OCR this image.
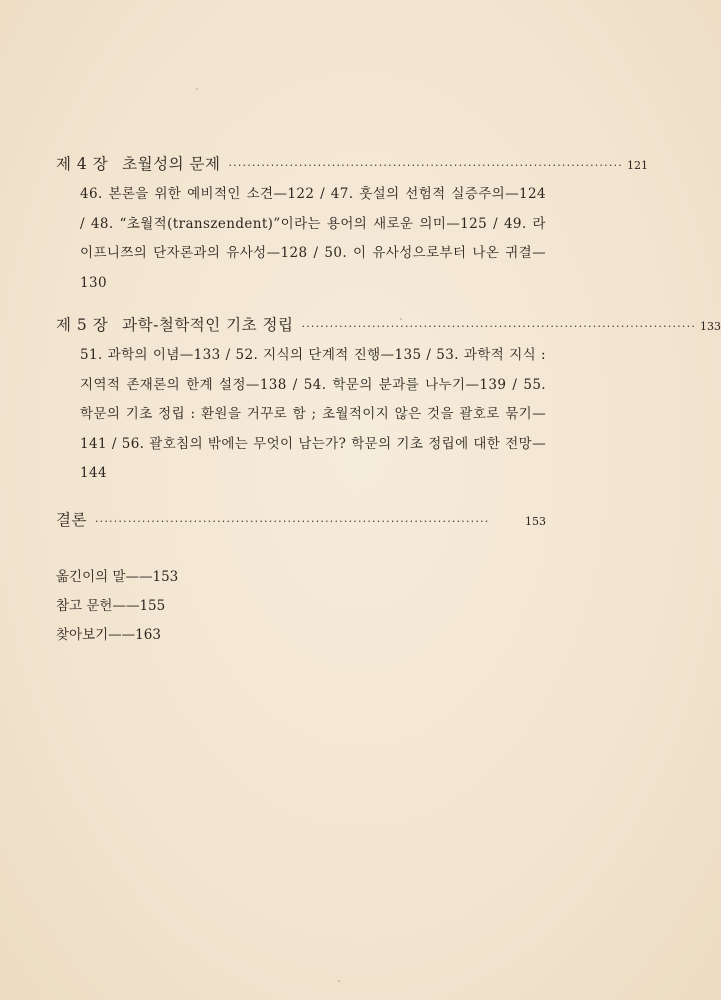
제 4 장 초월성의 문제 ···················································································· 121
46. 본론을 위한 예비적인 소견—122 / 47. 훗설의 선험적 실증주의—124 / 48. “초월적(transzendent)”이라는 용어의 새로운 의미—125 / 49. 라이프니쯔의 단자론과의 유사성—128 / 50. 이 유사성으로부터 나온 귀결—130
제 5 장 과학-철학적인 기초 정립 ···················································································· 133
51. 과학의 이념—133 / 52. 지식의 단계적 진행—135 / 53. 과학적 지식 : 지역적 존재론의 한계 설정—138 / 54. 학문의 분과를 나누기—139 / 55. 학문의 기초 정립 : 환원을 거꾸로 함 ; 초월적이지 않은 것을 괄호로 묶기—141 / 56. 괄호침의 밖에는 무엇이 남는가? 학문의 기초 정립에 대한 전망—144
결론 ····················································································	153
옮긴이의 말——153
참고 문헌——155
찾아보기——163
